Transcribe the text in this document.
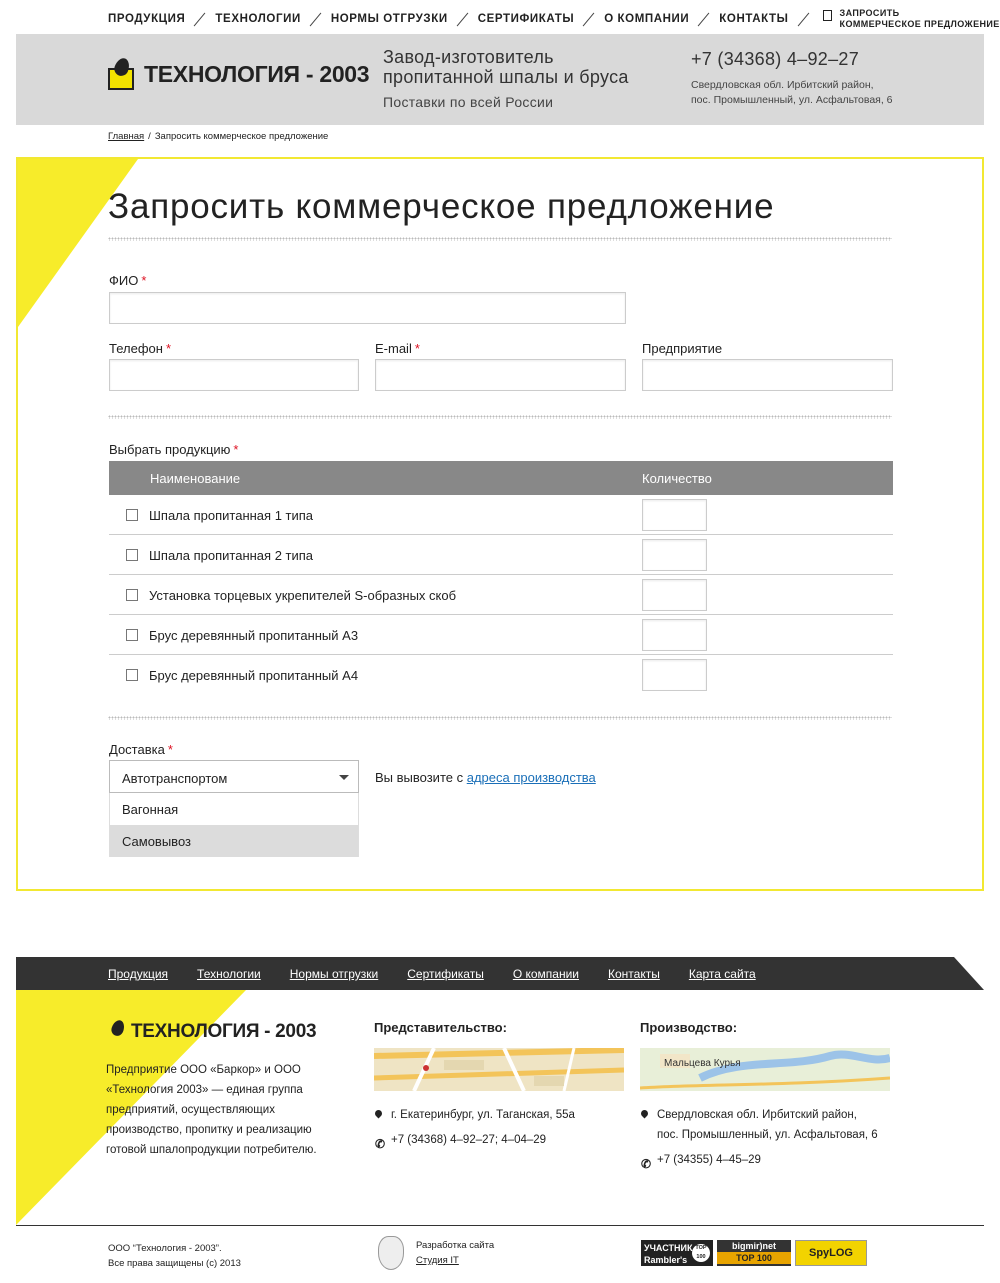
ПРОДУКЦИЯ	ТЕХНОЛОГИИ	НОРМЫ ОТГРУЗКИ	СЕРТИФИКАТЫ	О КОМПАНИИ	КОНТАКТЫ	ЗАПРОСИТЬ
КОММЕРЧЕСКОЕ ПРЕДЛОЖЕНИЕ
ТЕХНОЛОГИЯ - 2003
Завод-изготовитель
пропитанной шпалы и бруса
Поставки по всей России
+7 (34368) 4–92–27
Свердловская обл. Ирбитский район,
пос. Промышленный, ул. Асфальтовая, 6
Главная / Запросить коммерческое предложение
Запросить коммерческое предложение
ФИО *
Телефон *	E-mail *	Предприятие
Выбрать продукцию *
Наименование	Количество
Шпала пропитанная 1 типа
Шпала пропитанная 2 типа
Установка торцевых укрепителей S-образных скоб
Брус деревянный пропитанный А3
Брус деревянный пропитанный А4
Доставка *
Автотранспортом
Вагонная
Самовывоз
Вы вывозите с адреса производства
Продукция Технологии Нормы отгрузки Сертификаты О компании Контакты Карта сайта
ТЕХНОЛОГИЯ - 2003
Предприятие ООО «Баркор» и ООО «Технология 2003» — единая группа предприятий, осуществляющих производство, пропитку и реализацию готовой шпалопродукции потребителю.
Представительство:
г. Екатеринбург, ул. Таганская, 55а
✆ +7 (34368) 4–92–27; 4–04–29
Производство:
Мальцева Курья
Свердловская обл. Ирбитский район,
пос. Промышленный, ул. Асфальтовая, 6
✆ +7 (34355) 4–45–29
ООО “Технология - 2003”.
Все права защищены (с) 2013
Разработка сайта
Студия IT
УЧАСТНИК
Rambler's
TOP 100
bigmir)net
TOP 100	SpyLOG
